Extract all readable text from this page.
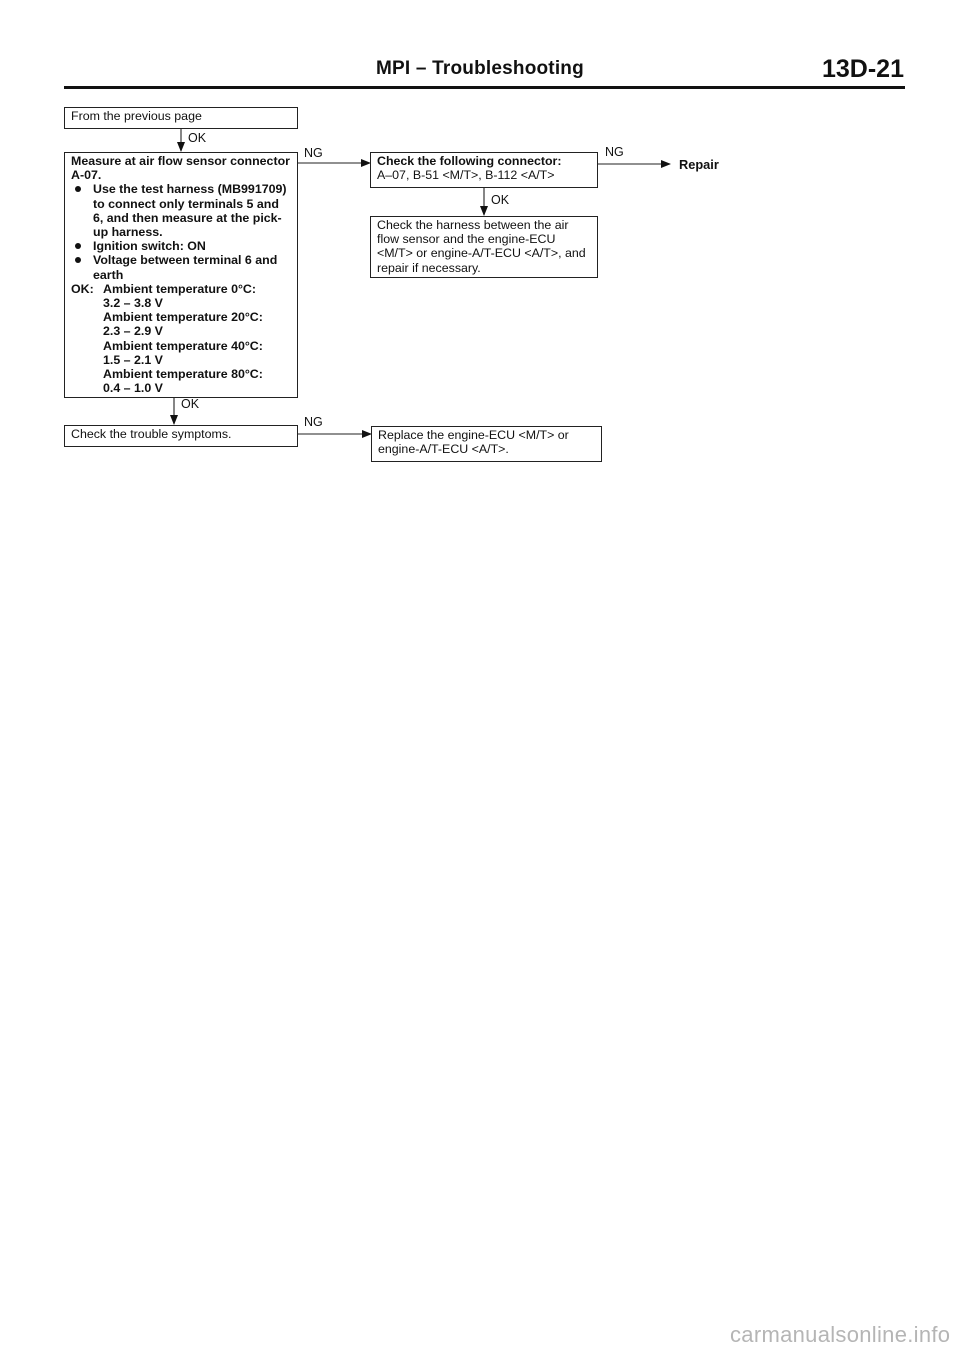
MPI – Troubleshooting	13D-21

From the previous page

OK

Measure at air flow sensor connector

A-07.

Use the test harness (MB991709) to connect only terminals 5 and 6, and then measure at the pick-up harness.

Ignition switch: ON

Voltage between terminal 6 and earth

OK: Ambient temperature 0°C:

3.2 – 3.8 V

Ambient temperature 20°C:

2.3 – 2.9 V

Ambient temperature 40°C:

1.5 – 2.1 V

Ambient temperature 80°C:

0.4 – 1.0 V

NG

Check the following connector:

A–07, B-51 <M/T>, B-112 <A/T>

NG
Repair
OK

Check the harness between the air flow sensor and the engine-ECU <M/T> or engine-A/T-ECU <A/T>, and repair if necessary.

OK

Check the trouble symptoms.

NG

Replace the engine-ECU <M/T> or engine-A/T-ECU <A/T>.

carmanualsonline.info
